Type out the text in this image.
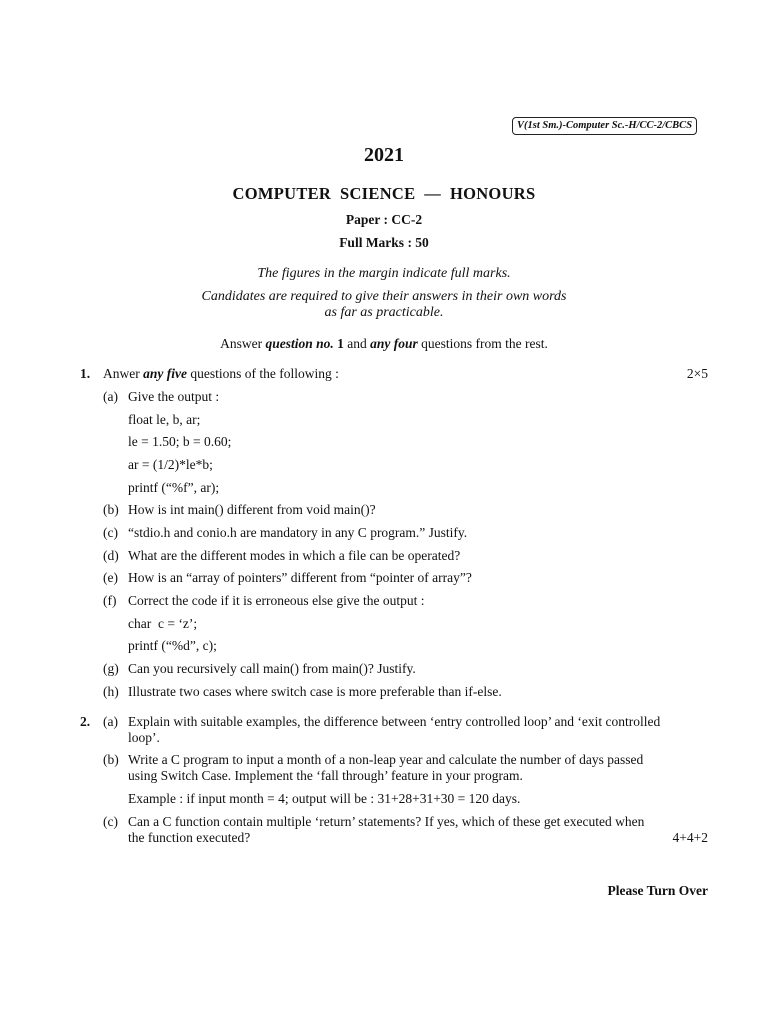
V(1st Sm.)-Computer Sc.-H/CC-2/CBCS
2021
COMPUTER  SCIENCE  —  HONOURS
Paper : CC-2
Full Marks : 50
The figures in the margin indicate full marks.
Candidates are required to give their answers in their own words
as far as practicable.
Answer question no. 1 and any four questions from the rest.
1. Anwer any five questions of the following :	2×5
(a) Give the output :
float le, b, ar;
le = 1.50; b = 0.60;
ar = (1/2)*le*b;
printf (“%f”, ar);
(b) How is int main() different from void main()?
(c) “stdio.h and conio.h are mandatory in any C program.” Justify.
(d) What are the different modes in which a file can be operated?
(e) How is an “array of pointers” different from “pointer of array”?
(f) Correct the code if it is erroneous else give the output :
char  c = ‘z’;
printf (“%d”, c);
(g) Can you recursively call main() from main()? Justify.
(h) Illustrate two cases where switch case is more preferable than if-else.
2. (a) Explain with suitable examples, the difference between ‘entry controlled loop’ and ‘exit controlled
loop’.
(b) Write a C program to input a month of a non-leap year and calculate the number of days passed
using Switch Case. Implement the ‘fall through’ feature in your program.
Example : if input month = 4; output will be : 31+28+31+30 = 120 days.
(c) Can a C function contain multiple ‘return’ statements? If yes, which of these get executed when
the function executed?	4+4+2
Please Turn Over
